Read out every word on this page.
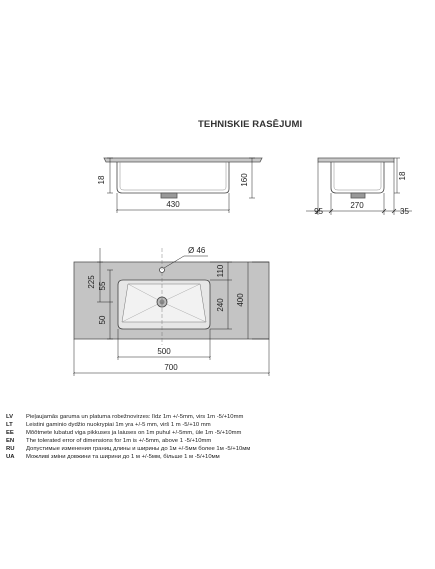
TEHNISKIE RASĒJUMI
18	160
430
18
95
270
35
Ø 46
225 55
50
110
240 400
500
700
LV	Pieļaujamās garuma un platuma robežnovirzes: līdz 1m +/-5mm, virs 1m -5/+10mm
LT	Leistini gaminio dydžio nuokrypiai 1m yra +/-5 mm, virš 1 m -5/+10 mm
EE	Mõõtmete lubatud viga pikkuses ja laiuses on 1m puhul +/-5mm, üle 1m -5/+10mm
EN	The tolerated error of dimensions for 1m is +/-5mm, above 1 -5/+10mm
RU	Допустимые изменения границ длины и ширины до 1м +/-5мм более 1м -5/+10мм
UA	Можливі зміни довжини та ширини до 1 м +/-5мм, більше 1 м -5/+10мм
